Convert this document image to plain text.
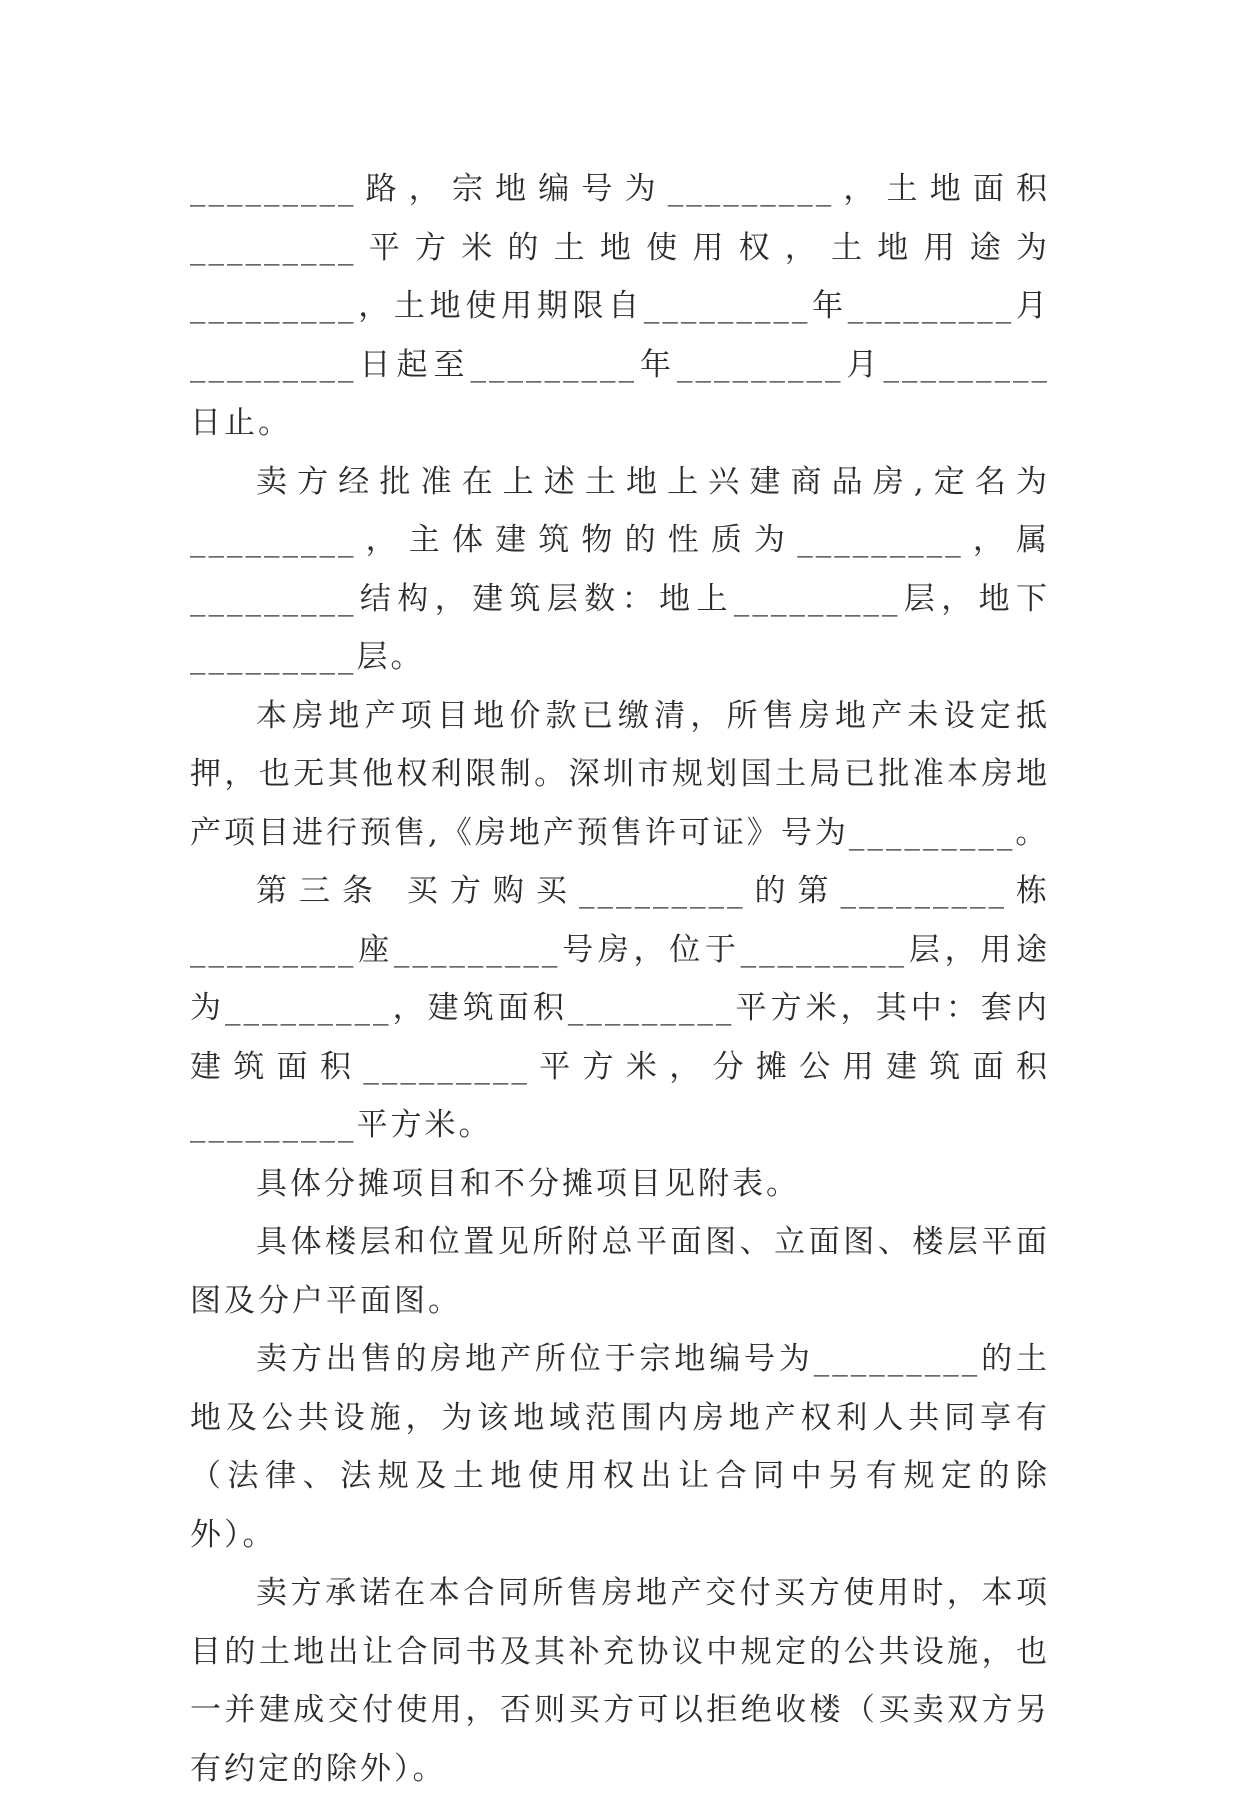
_________路，宗地编号为_________，土地面积_________平方米的土地使用权，土地用途为_________，土地使用期限自_________年_________月_________日起至_________年_________月_________日止。

卖方经批准在上述土地上兴建商品房,定名为_________，主体建筑物的性质为_________，属_________结构，建筑层数：地上_________层，地下_________层。

本房地产项目地价款已缴清，所售房地产未设定抵押，也无其他权利限制。深圳市规划国土局已批准本房地产项目进行预售,《房地产预售许可证》号为_________。

第三条 买方购买_________的第_________栋_________座_________号房，位于_________层，用途为_________，建筑面积_________平方米，其中：套内建筑面积_________平方米，分摊公用建筑面积_________平方米。

具体分摊项目和不分摊项目见附表。

具体楼层和位置见所附总平面图、立面图、楼层平面图及分户平面图。

卖方出售的房地产所位于宗地编号为_________的土地及公共设施，为该地域范围内房地产权利人共同享有（法律、法规及土地使用权出让合同中另有规定的除外）。

卖方承诺在本合同所售房地产交付买方使用时，本项目的土地出让合同书及其补充协议中规定的公共设施，也一并建成交付使用，否则买方可以拒绝收楼（买卖双方另有约定的除外）。
